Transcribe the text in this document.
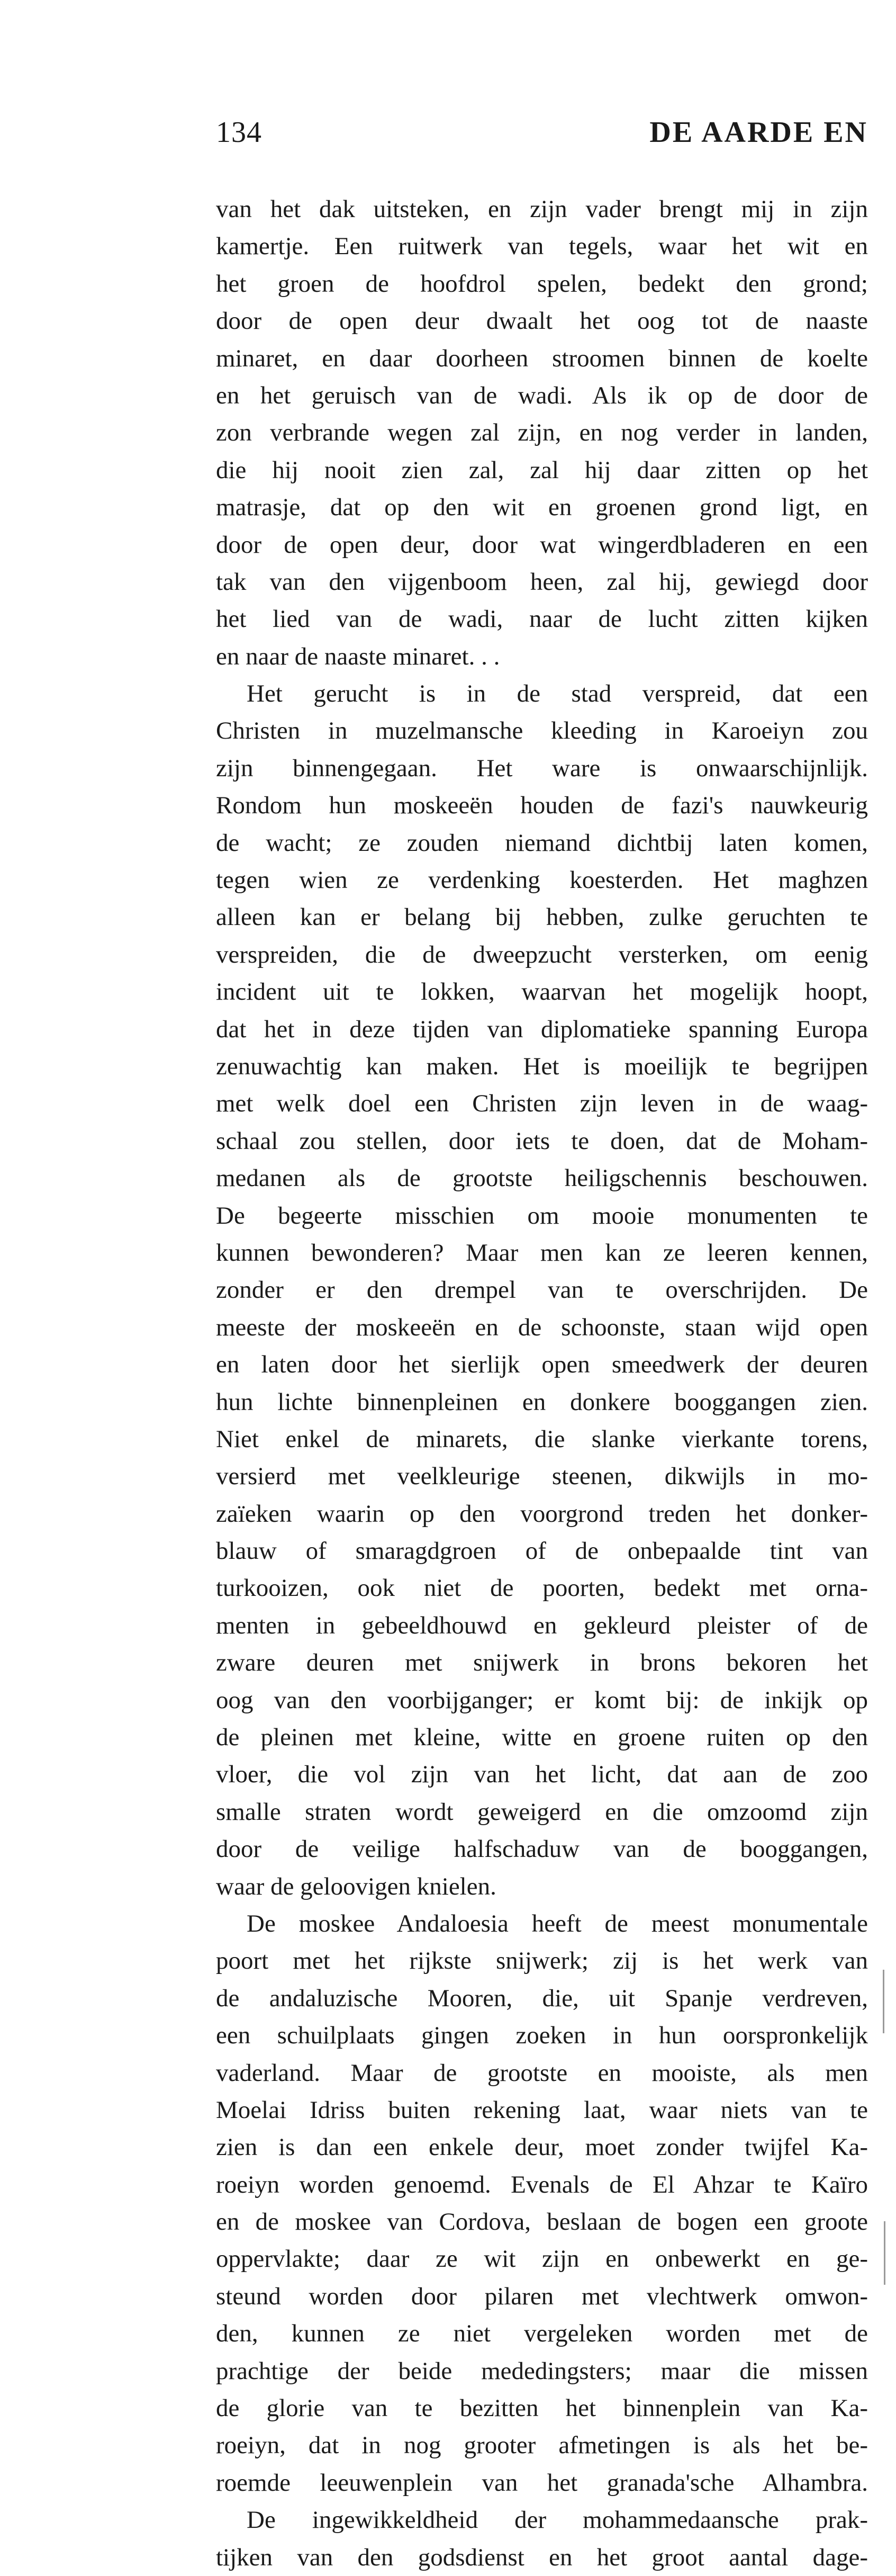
134	DE AARDE EN
van het dak uitsteken, en zijn vader brengt mij in zijn
kamertje. Een ruitwerk van tegels, waar het wit en
het groen de hoofdrol spelen, bedekt den grond;
door de open deur dwaalt het oog tot de naaste
minaret, en daar doorheen stroomen binnen de koelte
en het geruisch van de wadi. Als ik op de door de
zon verbrande wegen zal zijn, en nog verder in landen,
die hij nooit zien zal, zal hij daar zitten op het
matrasje, dat op den wit en groenen grond ligt, en
door de open deur, door wat wingerdbladeren en een
tak van den vijgenboom heen, zal hij, gewiegd door
het lied van de wadi, naar de lucht zitten kijken
en naar de naaste minaret. . .
Het gerucht is in de stad verspreid, dat een
Christen in muzelmansche kleeding in Karoeiyn zou
zijn binnengegaan. Het ware is onwaarschijnlijk.
Rondom hun moskeeën houden de fazi's nauwkeurig
de wacht; ze zouden niemand dichtbij laten komen,
tegen wien ze verdenking koesterden. Het maghzen
alleen kan er belang bij hebben, zulke geruchten te
verspreiden, die de dweepzucht versterken, om eenig
incident uit te lokken, waarvan het mogelijk hoopt,
dat het in deze tijden van diplomatieke spanning Europa
zenuwachtig kan maken. Het is moeilijk te begrijpen
met welk doel een Christen zijn leven in de waag-
schaal zou stellen, door iets te doen, dat de Moham-
medanen als de grootste heiligschennis beschouwen.
De begeerte misschien om mooie monumenten te
kunnen bewonderen? Maar men kan ze leeren kennen,
zonder er den drempel van te overschrijden. De
meeste der moskeeën en de schoonste, staan wijd open
en laten door het sierlijk open smeedwerk der deuren
hun lichte binnenpleinen en donkere booggangen zien.
Niet enkel de minarets, die slanke vierkante torens,
versierd met veelkleurige steenen, dikwijls in mo-
zaïeken waarin op den voorgrond treden het donker-
blauw of smaragdgroen of de onbepaalde tint van
turkooizen, ook niet de poorten, bedekt met orna-
menten in gebeeldhouwd en gekleurd pleister of de
zware deuren met snijwerk in brons bekoren het
oog van den voorbijganger; er komt bij: de inkijk op
de pleinen met kleine, witte en groene ruiten op den
vloer, die vol zijn van het licht, dat aan de zoo
smalle straten wordt geweigerd en die omzoomd zijn
door de veilige halfschaduw van de booggangen,
waar de geloovigen knielen.
De moskee Andaloesia heeft de meest monumentale
poort met het rijkste snijwerk; zij is het werk van
de andaluzische Mooren, die, uit Spanje verdreven,
een schuilplaats gingen zoeken in hun oorspronkelijk
vaderland. Maar de grootste en mooiste, als men
Moelai Idriss buiten rekening laat, waar niets van te
zien is dan een enkele deur, moet zonder twijfel Ka-
roeiyn worden genoemd. Evenals de El Ahzar te Kaïro
en de moskee van Cordova, beslaan de bogen een groote
oppervlakte; daar ze wit zijn en onbewerkt en ge-
steund worden door pilaren met vlechtwerk omwon-
den, kunnen ze niet vergeleken worden met de
prachtige der beide mededingsters; maar die missen
de glorie van te bezitten het binnenplein van Ka-
roeiyn, dat in nog grooter afmetingen is als het be-
roemde leeuwenplein van het granada'sche Alhambra.
De ingewikkeldheid der mohammedaansche prak-
tijken van den godsdienst en het groot aantal dage-
